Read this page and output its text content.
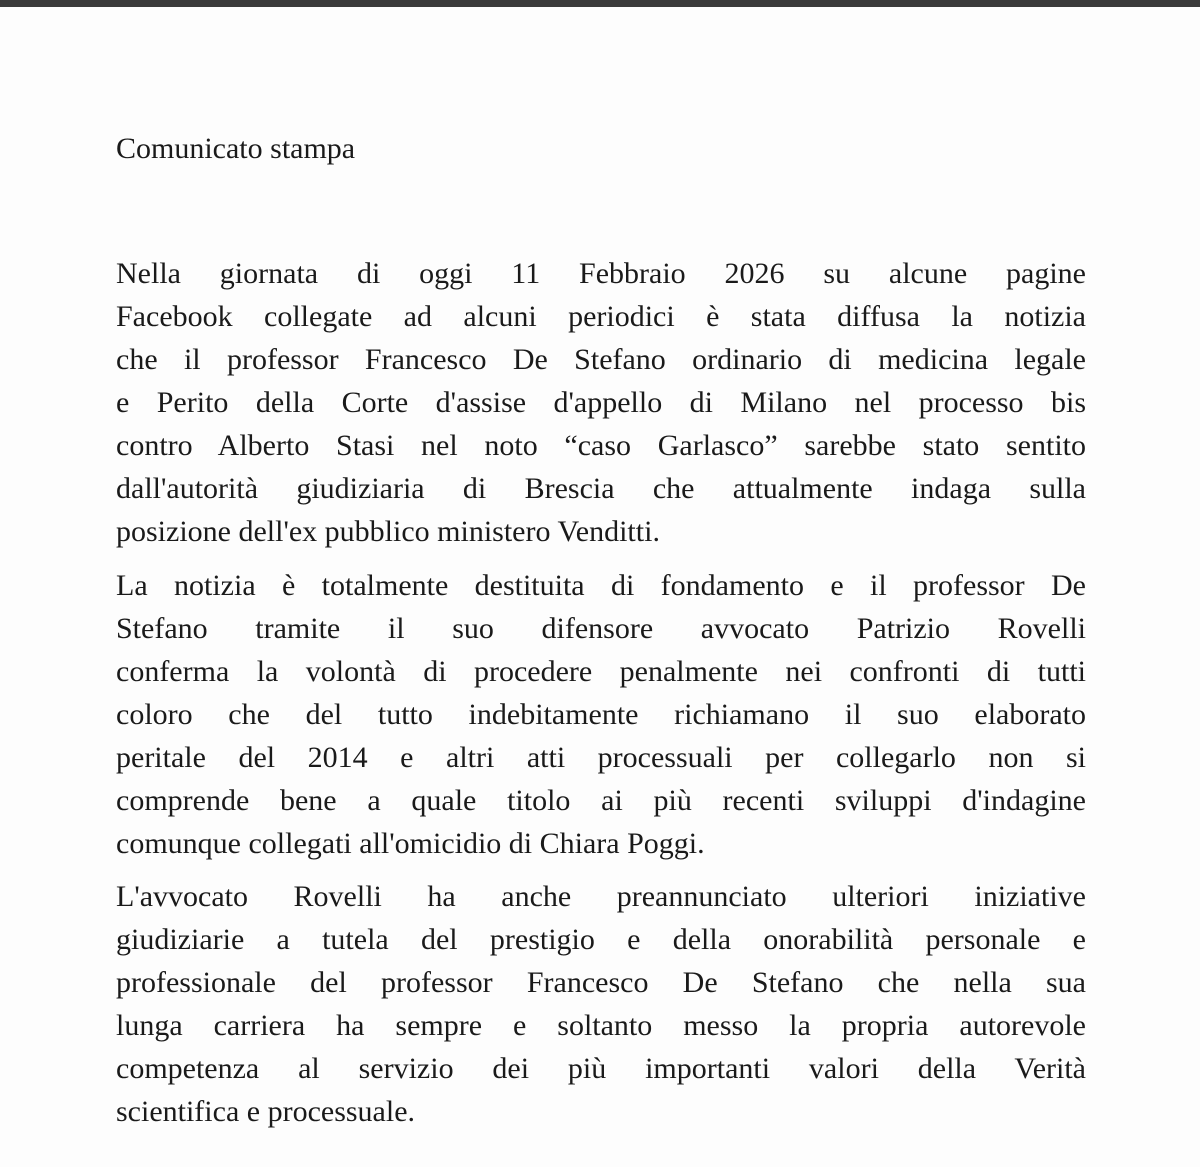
Comunicato stampa
Nella giornata di oggi 11 Febbraio 2026 su alcune pagine
Facebook collegate ad alcuni periodici è stata diffusa la notizia
che il professor Francesco De Stefano ordinario di medicina legale
e Perito della Corte d'assise d'appello di Milano nel processo bis
contro Alberto Stasi nel noto “caso Garlasco” sarebbe stato sentito
dall'autorità giudiziaria di Brescia che attualmente indaga sulla
posizione dell'ex pubblico ministero Venditti.
La notizia è totalmente destituita di fondamento e il professor De
Stefano tramite il suo difensore avvocato Patrizio Rovelli
conferma la volontà di procedere penalmente nei confronti di tutti
coloro che del tutto indebitamente richiamano il suo elaborato
peritale del 2014 e altri atti processuali per collegarlo non si
comprende bene a quale titolo ai più recenti sviluppi d'indagine
comunque collegati all'omicidio di Chiara Poggi.
L'avvocato Rovelli ha anche preannunciato ulteriori iniziative
giudiziarie a tutela del prestigio e della onorabilità personale e
professionale del professor Francesco De Stefano che nella sua
lunga carriera ha sempre e soltanto messo la propria autorevole
competenza al servizio dei più importanti valori della Verità
scientifica e processuale.
